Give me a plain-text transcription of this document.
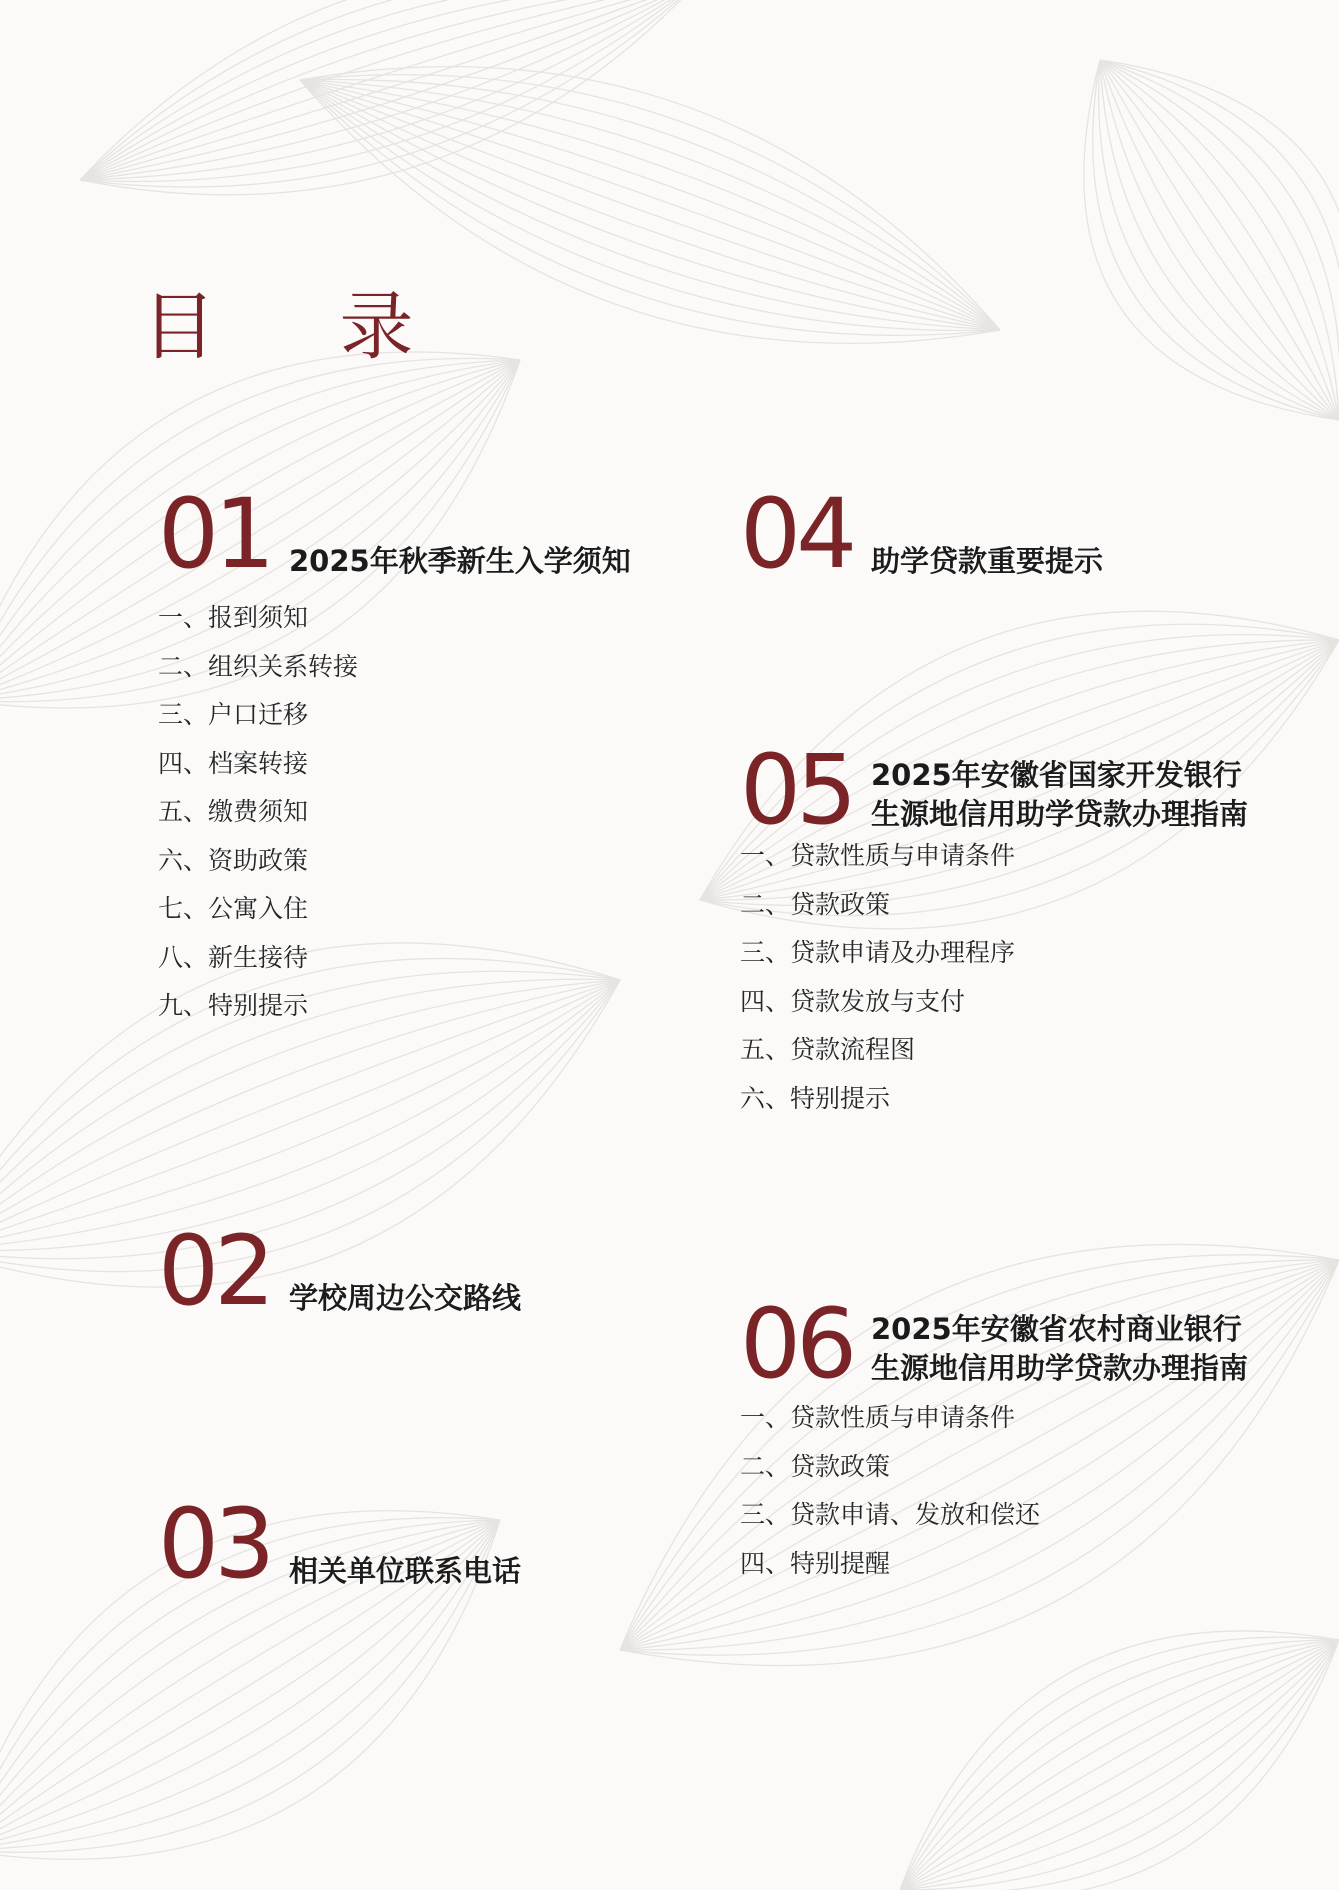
目 录
01 2025年秋季新生入学须知
一、报到须知
二、组织关系转接
三、户口迁移
四、档案转接
五、缴费须知
六、资助政策
七、公寓入住
八、新生接待
九、特别提示
02 学校周边公交路线
03 相关单位联系电话
04 助学贷款重要提示
05 2025年安徽省国家开发银行
生源地信用助学贷款办理指南
一、贷款性质与申请条件
二、贷款政策
三、贷款申请及办理程序
四、贷款发放与支付
五、贷款流程图
六、特别提示
06 2025年安徽省农村商业银行
生源地信用助学贷款办理指南
一、贷款性质与申请条件
二、贷款政策
三、贷款申请、发放和偿还
四、特别提醒
